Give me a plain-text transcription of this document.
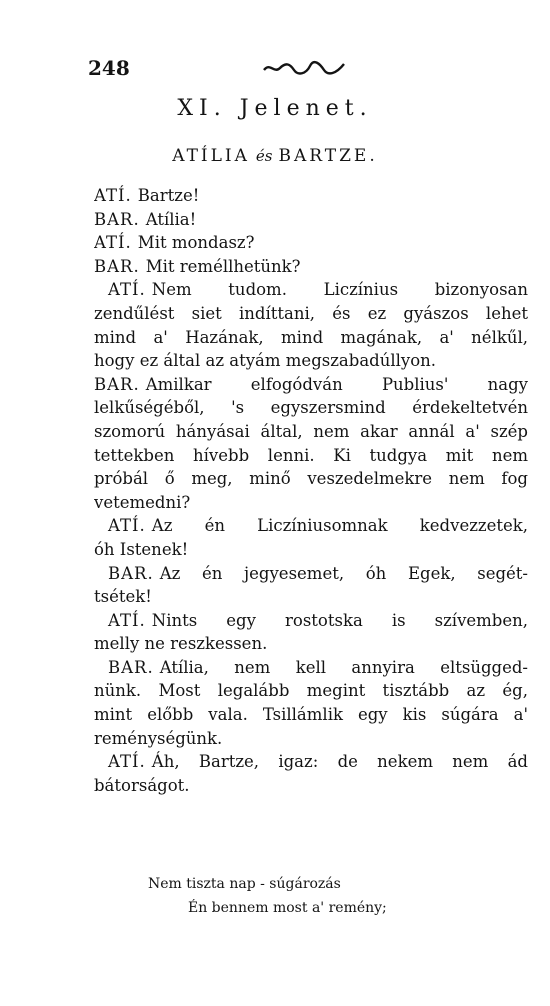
248
XI. Jelenet.
ATÍLIA és BARTZE.
ATÍ. Bartze!
BAR. Atília!
ATÍ. Mit mondasz?
BAR. Mit reméllhetünk?
ATÍ. Nem tudom. Liczínius bizonyosan
zendűlést siet indíttani, és ez gyászos lehet
mind a' Hazának, mind magának, a' nélkűl,
hogy ez által az atyám megszabadúllyon.
BAR. Amilkar elfogódván Publius' nagy
lelkűségéből, 's egyszersmind érdekeltetvén
szomorú hányásai által, nem akar annál a' szép
tettekben hívebb lenni. Ki tudgya mit nem
próbál ő meg, minő veszedelmekre nem fog
vetemedni?
ATÍ. Az én Liczíniusomnak kedvezzetek,
óh Istenek!
BAR. Az én jegyesemet, óh Egek, segét-
tsétek!
ATÍ. Nints egy rostotska is szívemben,
melly ne reszkessen.
BAR. Atília, nem kell annyira eltsügged-
nünk. Most legalább megint tisztább az ég,
mint előbb vala. Tsillámlik egy kis súgára a'
reménységünk.
ATÍ. Áh, Bartze, igaz: de nekem nem ád
bátorságot.
Nem tiszta nap - súgározás
Én bennem most a' remény;
